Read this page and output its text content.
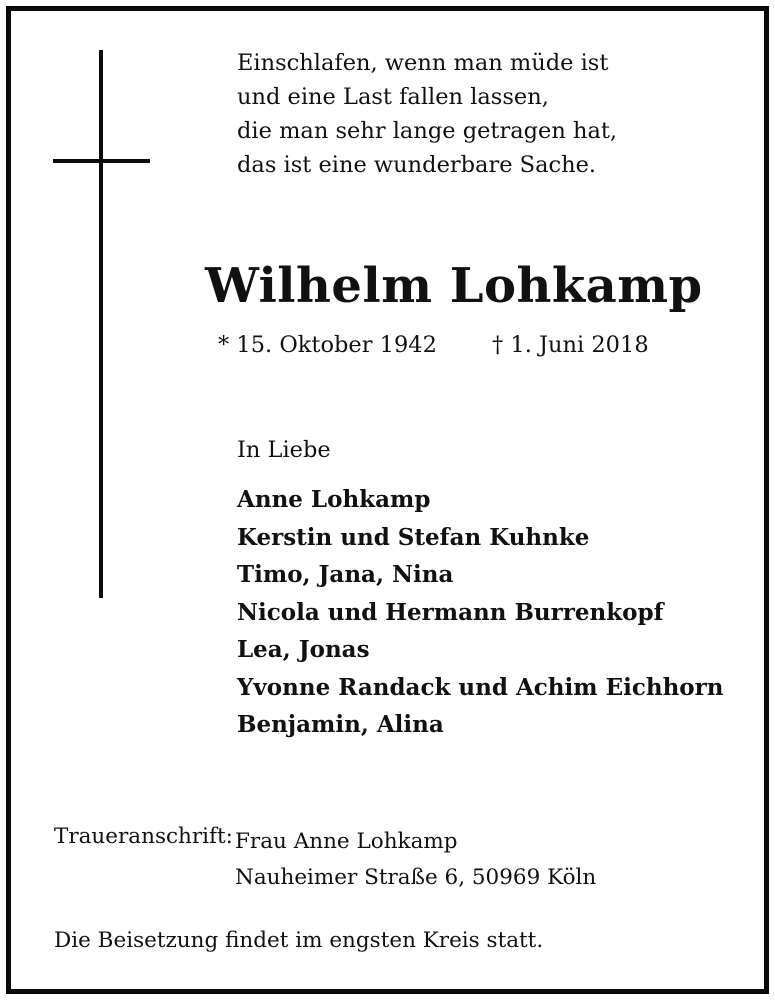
Einschlafen, wenn man müde ist
und eine Last fallen lassen,
die man sehr lange getragen hat,
das ist eine wunderbare Sache.
Wilhelm Lohkamp
* 15. Oktober 1942 † 1. Juni 2018
In Liebe
Anne Lohkamp
Kerstin und Stefan Kuhnke
Timo, Jana, Nina
Nicola und Hermann Burrenkopf
Lea, Jonas
Yvonne Randack und Achim Eichhorn
Benjamin, Alina
Traueranschrift: Frau Anne Lohkamp
Nauheimer Straße 6, 50969 Köln
Die Beisetzung findet im engsten Kreis statt.
